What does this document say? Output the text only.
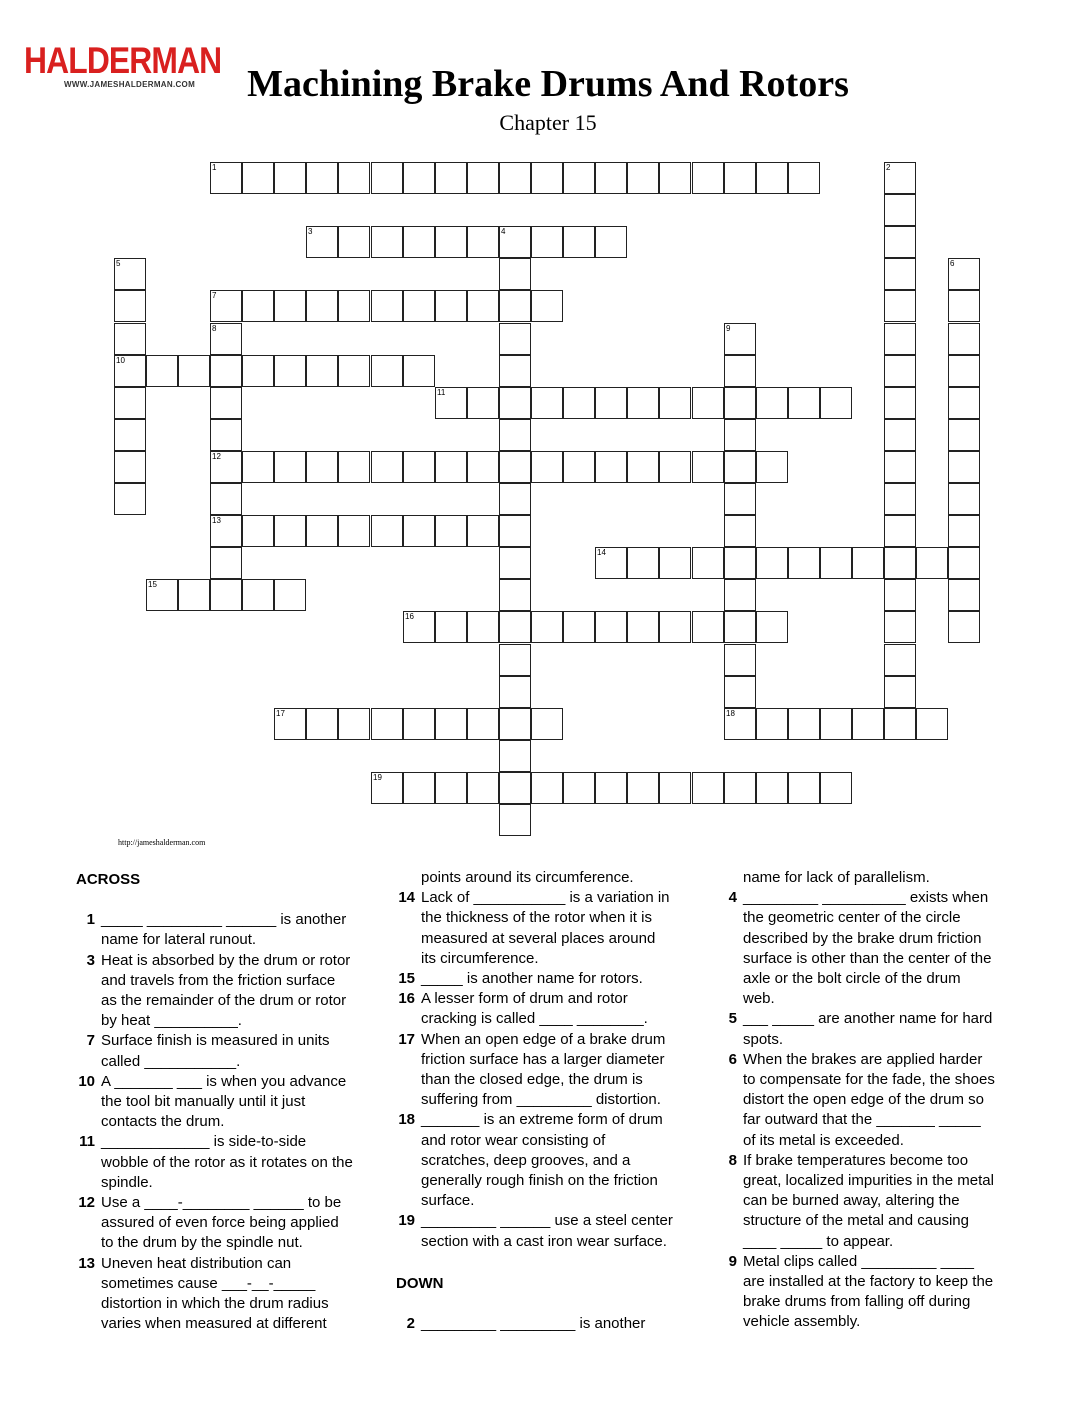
HALDERMAN
WWW.JAMESHALDERMAN.COM	Machining Brake Drums And Rotors
Chapter 15
1
3	4
7
10
11
12
13
14
15
16
17	18
19
2
5	6
8	9
http://jameshalderman.com
ACROSS
1 _____ _________ ______ is another
name for lateral runout.
3 Heat is absorbed by the drum or rotor
and travels from the friction surface
as the remainder of the drum or rotor
by heat __________.
7 Surface finish is measured in units
called ___________.
10 A _______ ___ is when you advance
the tool bit manually until it just
contacts the drum.
11 _____________ is side-to-side
wobble of the rotor as it rotates on the
spindle.
12 Use a ____-________ ______ to be
assured of even force being applied
to the drum by the spindle nut.
13 Uneven heat distribution can
sometimes cause ___-__-_____
distortion in which the drum radius
varies when measured at different
points around its circumference.
14 Lack of ___________ is a variation in
the thickness of the rotor when it is
measured at several places around
its circumference.
15 _____ is another name for rotors.
16 A lesser form of drum and rotor
cracking is called ____ ________.
17 When an open edge of a brake drum
friction surface has a larger diameter
than the closed edge, the drum is
suffering from _________ distortion.
18 _______ is an extreme form of drum
and rotor wear consisting of
scratches, deep grooves, and a
generally rough finish on the friction
surface.
19 _________ ______ use a steel center
section with a cast iron wear surface.
DOWN
2 _________ _________ is another
name for lack of parallelism.
4 _________ __________ exists when
the geometric center of the circle
described by the brake drum friction
surface is other than the center of the
axle or the bolt circle of the drum
web.
5 ___ _____ are another name for hard
spots.
6 When the brakes are applied harder
to compensate for the fade, the shoes
distort the open edge of the drum so
far outward that the _______ _____
of its metal is exceeded.
8 If brake temperatures become too
great, localized impurities in the metal
can be burned away, altering the
structure of the metal and causing
____ _____ to appear.
9 Metal clips called _________ ____
are installed at the factory to keep the
brake drums from falling off during
vehicle assembly.
